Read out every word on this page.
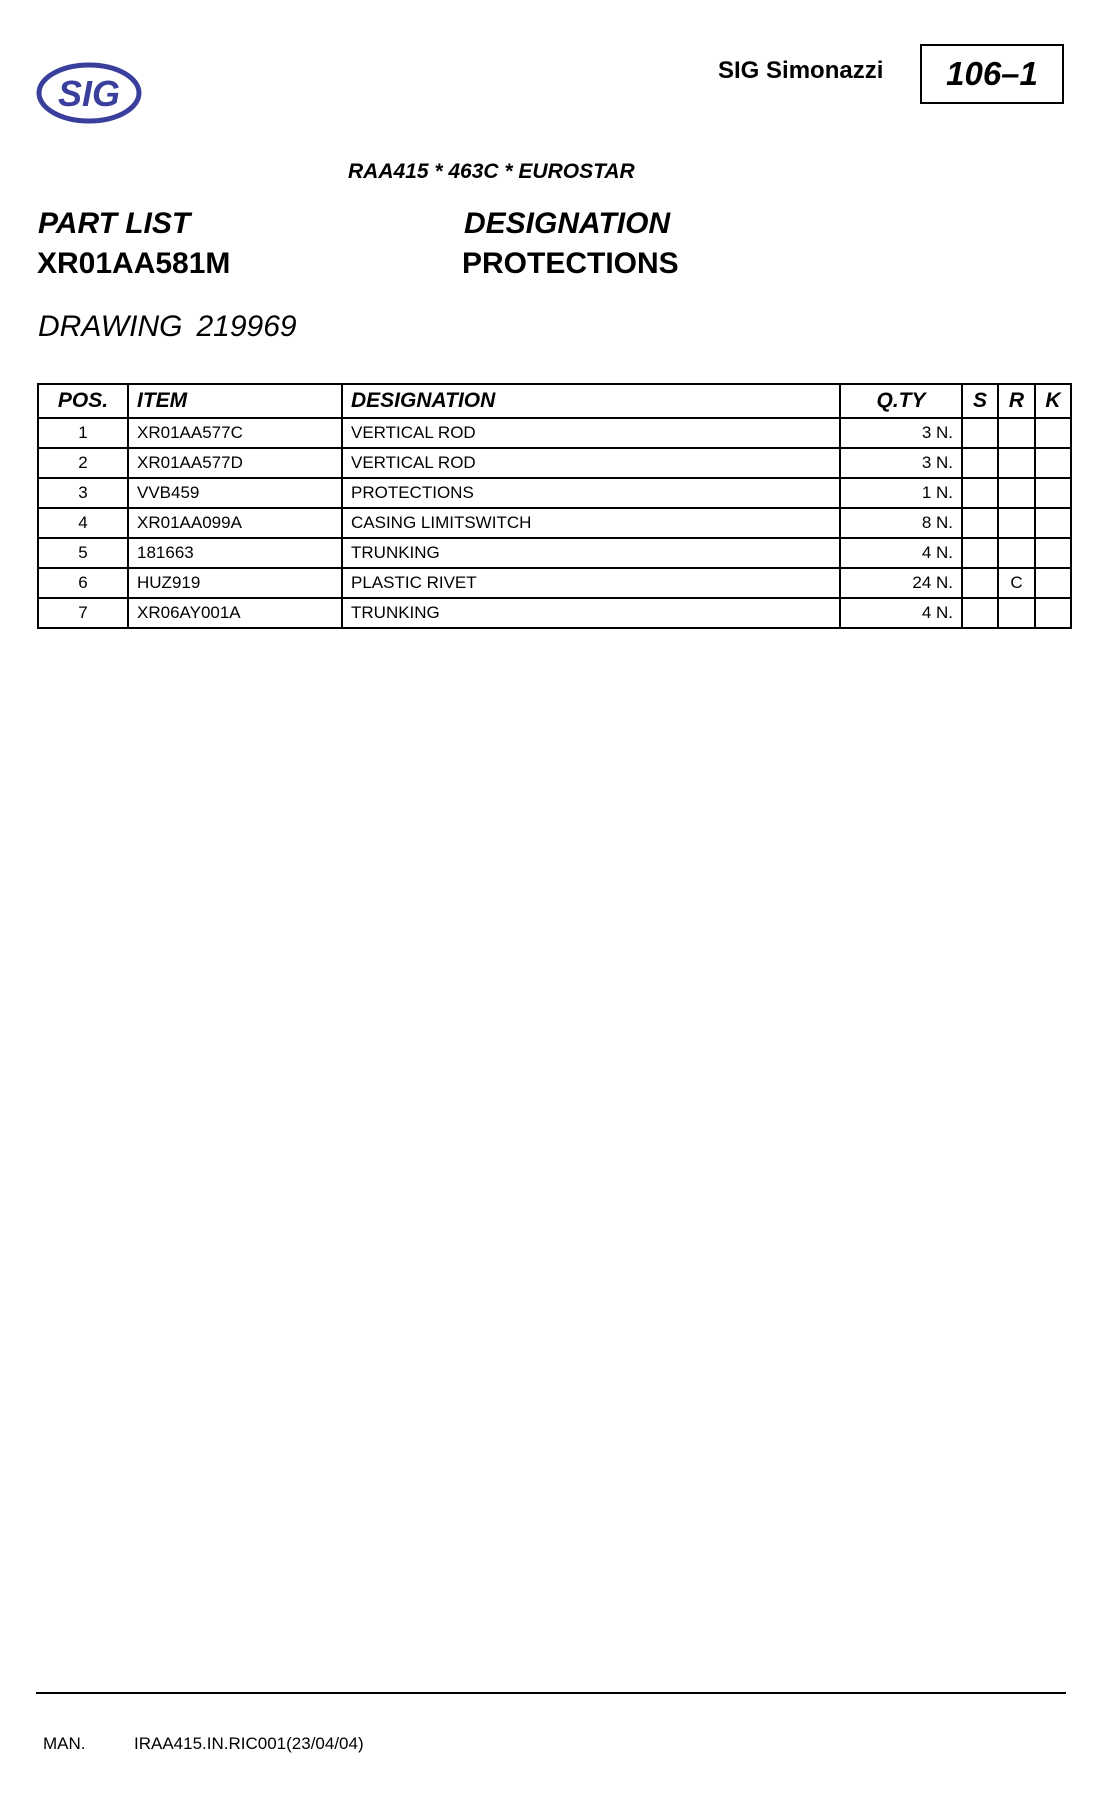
SIG
SIG Simonazzi 106–1
RAA415 * 463C * EUROSTAR
PART LIST
XR01AA581M
DESIGNATION
PROTECTIONS
DRAWING 219969
POS.	ITEM	DESIGNATION	Q.TY	S	R	K
1	XR01AA577C	VERTICAL ROD	3 N.			
2	XR01AA577D	VERTICAL ROD	3 N.			
3	VVB459	PROTECTIONS	1 N.			
4	XR01AA099A	CASING LIMITSWITCH	8 N.			
5	181663	TRUNKING	4 N.			
6	HUZ919	PLASTIC RIVET	24 N.		C	
7	XR06AY001A	TRUNKING	4 N.			
MAN.	IRAA415.IN.RIC001(23/04/04)
